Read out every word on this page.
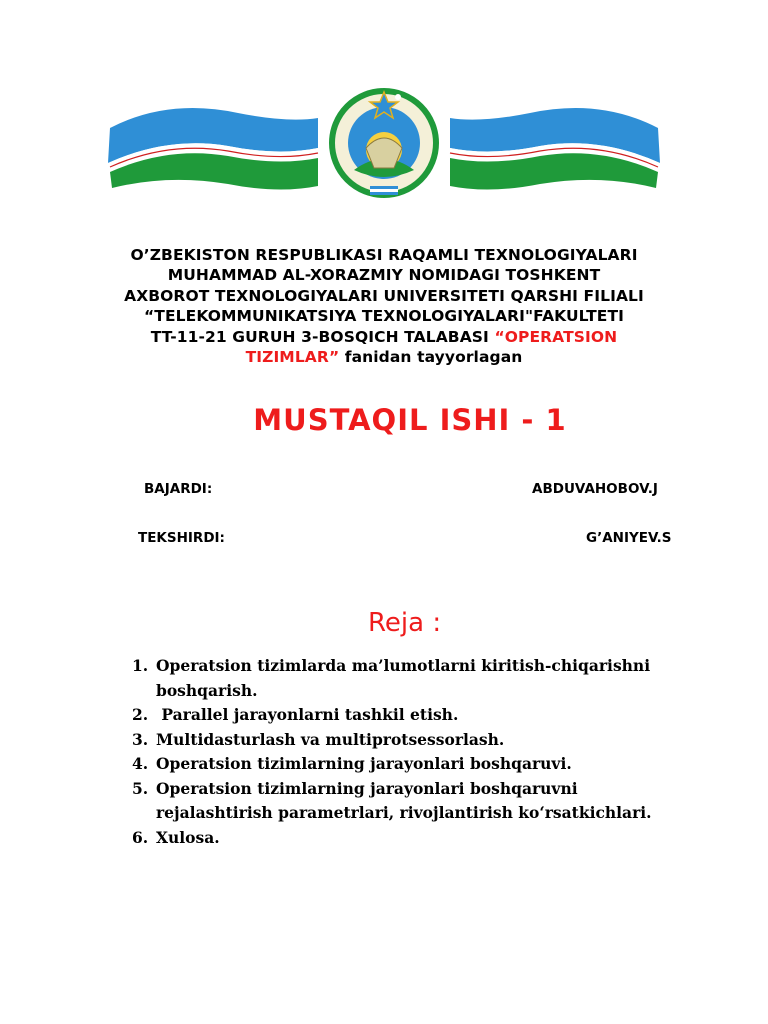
O’ZBEKISTON RESPUBLIKASI RAQAMLI TEXNOLOGIYALARI
MUHAMMAD AL-XORAZMIY NOMIDAGI TOSHKENT
AXBOROT TEXNOLOGIYALARI UNIVERSITETI QARSHI FILIALI
“TELEKOMMUNIKATSIYA TEXNOLOGIYALARI"FAKULTETI
TT-11-21 GURUH 3-BOSQICH TALABASI “OPERATSION
TIZIMLAR” fanidan tayyorlagan
MUSTAQIL ISHI - 1
BAJARDI:	ABDUVAHOBOV.J
TEKSHIRDI:	G’ANIYEV.S
Reja :
1. Operatsion tizimlarda ma’lumotlarni kiritish-chiqarishni boshqarish.
2. Parallel jarayonlarni tashkil etish.
3. Multidasturlash va multiprotsessorlash.
4. Operatsion tizimlarning jarayonlari boshqaruvi.
5. Operatsion tizimlarning jarayonlari boshqaruvni rejalashtirish parametrlari, rivojlantirish ko‘rsatkichlari.
6. Xulosa.
